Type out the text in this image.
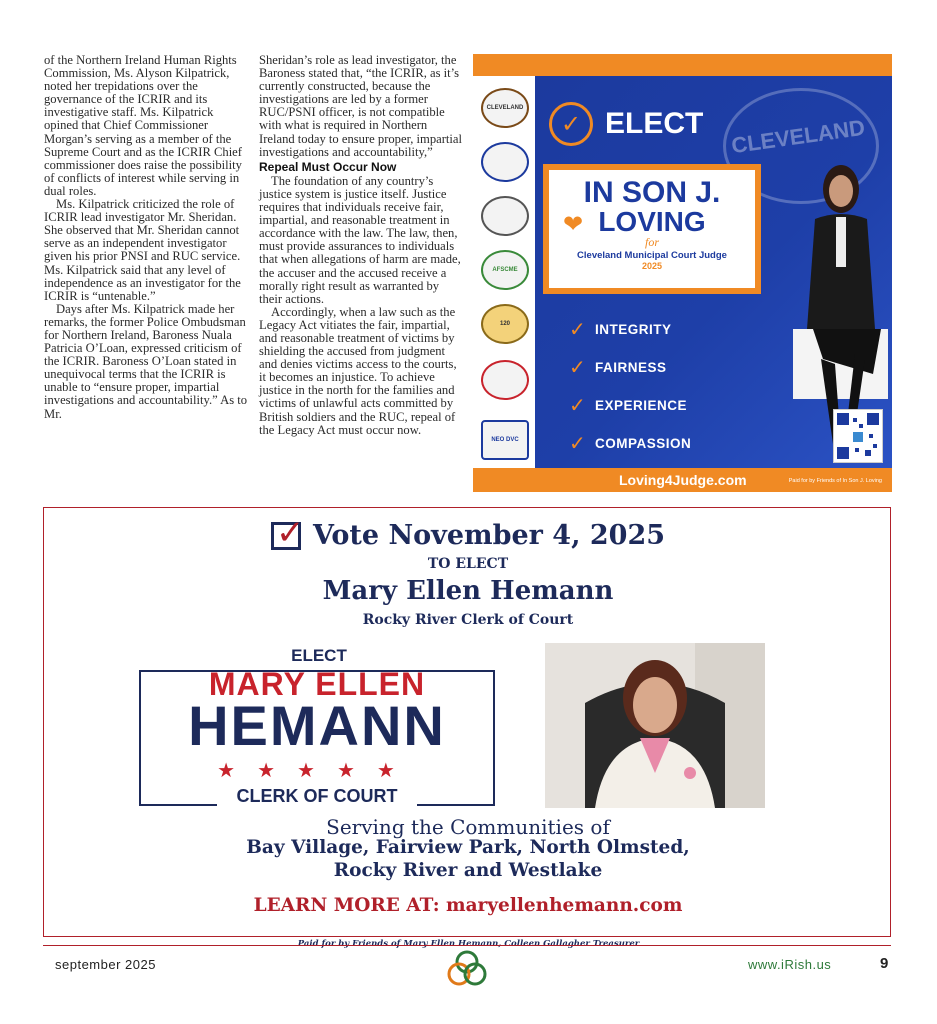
of the Northern Ireland Human Rights Commission, Ms. Alyson Kilpatrick, noted her trepidations over the governance of the ICRIR and its investigative staff. Ms. Kilpatrick opined that Chief Commissioner Morgan’s serving as a member of the Supreme Court and as the ICRIR Chief commissioner does raise the possibility of conflicts of interest while serving in dual roles.

Ms. Kilpatrick criticized the role of ICRIR lead investigator Mr. Sheridan. She observed that Mr. Sheridan cannot serve as an independent investigator given his prior PNSI and RUC service. Ms. Kilpatrick said that any level of independence as an investigator for the ICRIR is “untenable.”

Days after Ms. Kilpatrick made her remarks, the former Police Ombudsman for Northern Ireland, Baroness Nuala Patricia O’Loan, expressed criticism of the ICRIR. Baroness O’Loan stated in unequivocal terms that the ICRIR is unable to “ensure proper, impartial investigations and accountability.” As to Mr.

Sheridan’s role as lead investigator, the Baroness stated that, “the ICRIR, as it’s currently constructed, because the investigations are led by a former RUC/PSNI officer, is not compatible with what is required in Northern Ireland today to ensure proper, impartial investigations and accountability,”

Repeal Must Occur Now

The foundation of any country’s justice system is justice itself. Justice requires that individuals receive fair, impartial, and reasonable treatment in accordance with the law. The law, then, must provide assurances to individuals that when allegations of harm are made, the accuser and the accused receive a morally right result as warranted by their actions.

Accordingly, when a law such as the Legacy Act vitiates the fair, impartial, and reasonable treatment of victims by shielding the accused from judgment and denies victims access to the courts, it becomes an injustice. To achieve justice in the north for the families and victims of unlawful acts committed by British soldiers and the RUC, repeal of the Legacy Act must occur now.

CLEVELAND
CLEVELAND
AFSCME
120
NEO DVC
✓ ELECT
IN SON J.
❤ LOVING
for
Cleveland Municipal Court Judge
2025
✓ INTEGRITY
✓ FAIRNESS
✓ EXPERIENCE
✓ COMPASSION
Loving4Judge.com	Paid for by Friends of In Son J. Loving
✓ Vote November 4, 2025
TO ELECT
Mary Ellen Hemann
Rocky River Clerk of Court
ELECT
MARY ELLEN
HEMANN
★★★★★
CLERK OF COURT
Serving the Communities of
Bay Village, Fairview Park, North Olmsted,
Rocky River and Westlake
LEARN MORE AT: maryellenhemann.com
Paid for by Friends of Mary Ellen Hemann, Colleen Gallagher Treasurer
september 2025	www.iRish.us	9
